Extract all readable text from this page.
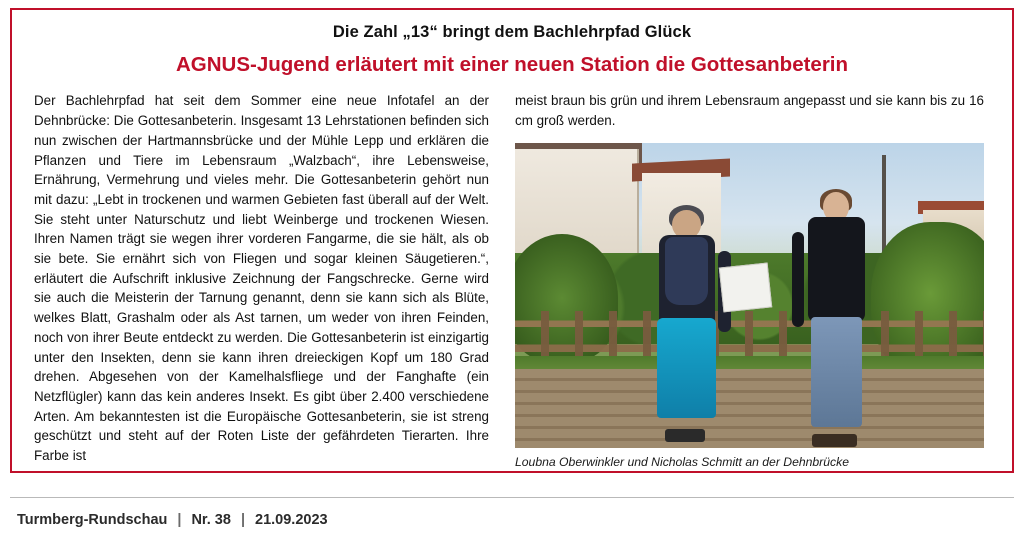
Die Zahl „13“ bringt dem Bachlehrpfad Glück
AGNUS-Jugend erläutert mit einer neuen Station die Gottesanbeterin
Der Bachlehrpfad hat seit dem Sommer eine neue Infotafel an der Dehnbrücke: Die Gottesanbeterin. Insgesamt 13 Lehrstationen befinden sich nun zwischen der Hartmannsbrücke und der Mühle Lepp und erklären die Pflanzen und Tiere im Lebensraum „Walzbach“, ihre Lebensweise, Ernährung, Vermehrung und vieles mehr. Die Gottesanbeterin gehört nun mit dazu: „Lebt in trockenen und warmen Gebieten fast überall auf der Welt. Sie steht unter Naturschutz und liebt Weinberge und trockenen Wiesen. Ihren Namen trägt sie wegen ihrer vorderen Fangarme, die sie hält, als ob sie bete. Sie ernährt sich von Fliegen und sogar kleinen Säugetieren.“, erläutert die Aufschrift inklusive Zeichnung der Fangschrecke. Gerne wird sie auch die Meisterin der Tarnung genannt, denn sie kann sich als Blüte, welkes Blatt, Grashalm oder als Ast tarnen, um weder von ihren Feinden, noch von ihrer Beute entdeckt zu werden. Die Gottesanbeterin ist einzigartig unter den Insekten, denn sie kann ihren dreieckigen Kopf um 180 Grad drehen. Abgesehen von der Kamelhalsfliege und der Fanghafte (ein Netzflügler) kann das kein anderes Insekt. Es gibt über 2.400 verschiedene Arten. Am bekanntesten ist die Europäische Gottesanbeterin, sie ist streng geschützt und steht auf der Roten Liste der gefährdeten Tierarten. Ihre Farbe ist
meist braun bis grün und ihrem Lebensraum angepasst und sie kann bis zu 16 cm groß werden.
Loubna Oberwinkler und Nicholas Schmitt an der Dehnbrücke
Turmberg-Rundschau | Nr. 38 | 21.09.2023
